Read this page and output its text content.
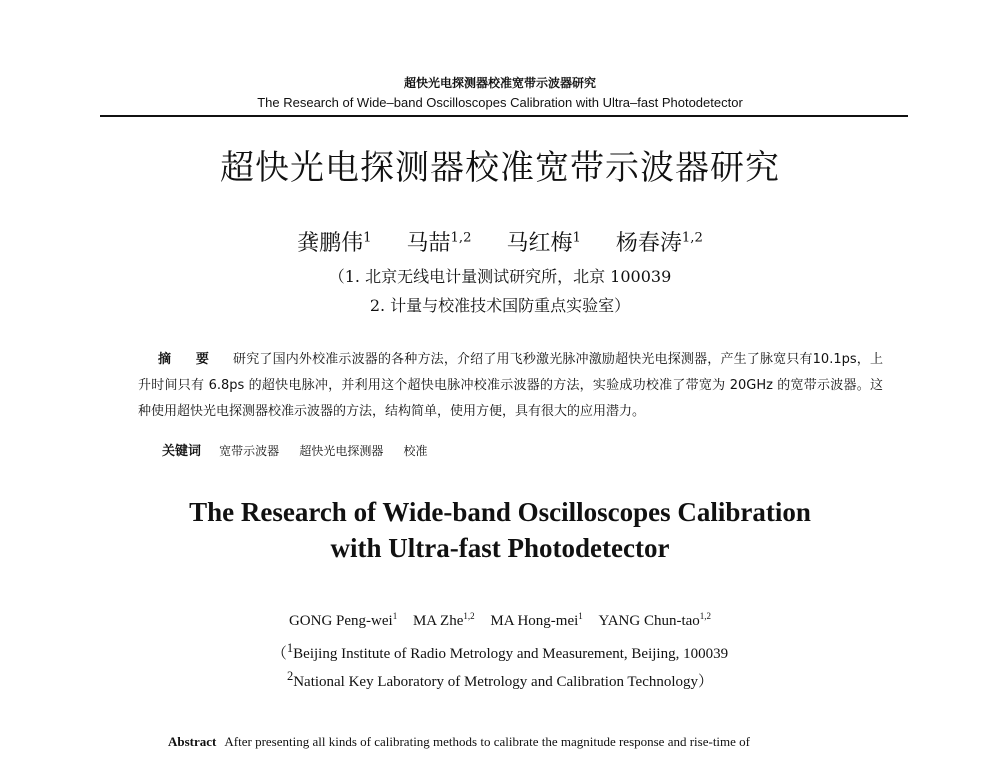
超快光电探测器校准宽带示波器研究
The Research of Wide–band Oscilloscopes Calibration with Ultra–fast Photodetector
超快光电探测器校准宽带示波器研究
龚鹏伟$^1$ 马喆$^{1,2}$ 马红梅$^1$ 杨春涛$^{1,2}$
（1. 北京无线电计量测试研究所，北京 100039
2. 计量与校准技术国防重点实验室）
摘 要 研究了国内外校准示波器的各种方法，介绍了用飞秒激光脉冲激励超快光电探测器，产生了脉宽只有10.1ps，上升时间只有 6.8ps 的超快电脉冲，并利用这个超快电脉冲校准示波器的方法，实验成功校准了带宽为 20GHz 的宽带示波器。这种使用超快光电探测器校准示波器的方法，结构简单，使用方便，具有很大的应用潜力。
关键词 宽带示波器 超快光电探测器 校准
The Research of Wide-band Oscilloscopes Calibration
with Ultra-fast Photodetector
GONG Peng-wei$^1$ MA Zhe$^{1,2}$ MA Hong-mei$^1$ YANG Chun-tao$^{1,2}$
（$^1$Beijing Institute of Radio Metrology and Measurement, Beijing, 100039
$^2$National Key Laboratory of Metrology and Calibration Technology）
Abstract After presenting all kinds of calibrating methods to calibrate the magnitude response and rise-time of
